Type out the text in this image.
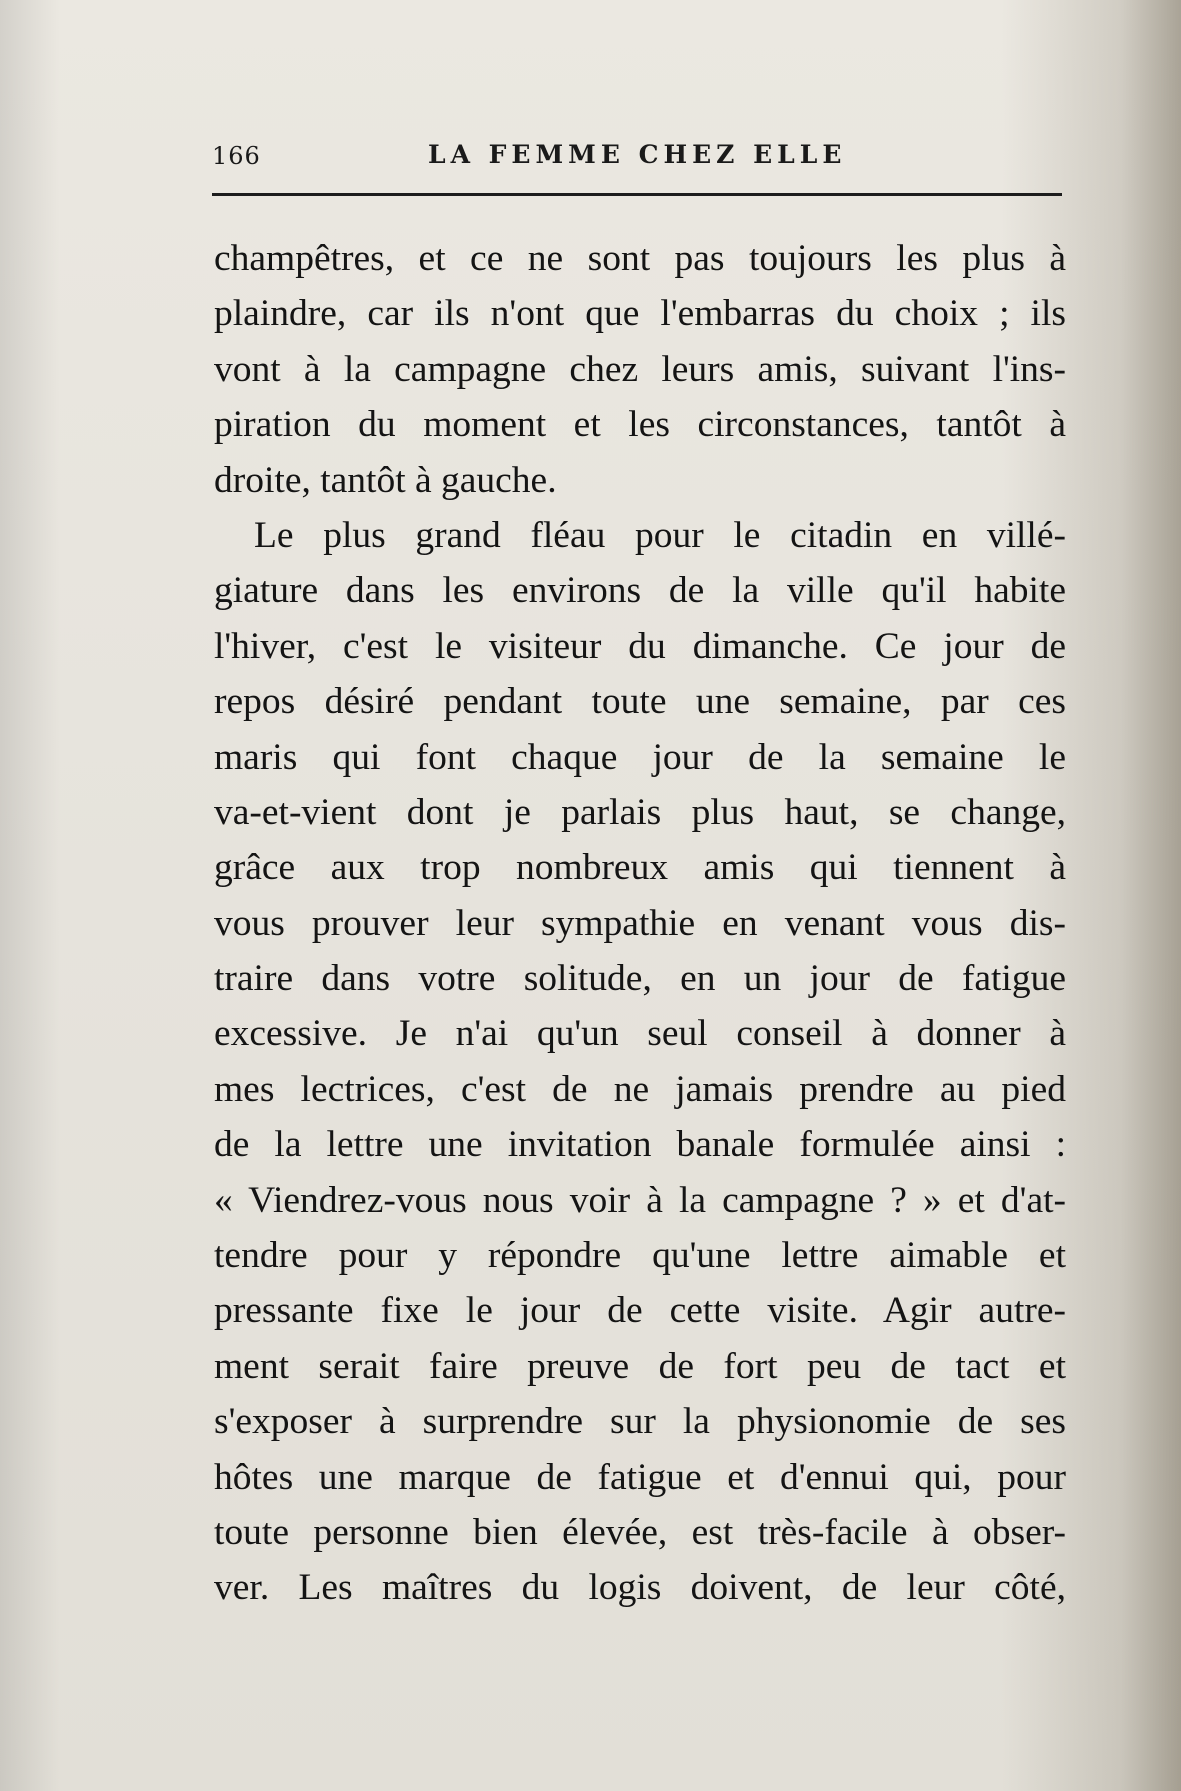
166	LA FEMME CHEZ ELLE
champêtres, et ce ne sont pas toujours les plus à
plaindre, car ils n'ont que l'embarras du choix ; ils
vont à la campagne chez leurs amis, suivant l'ins-
piration du moment et les circonstances, tantôt à
droite, tantôt à gauche.
Le plus grand fléau pour le citadin en villé-
giature dans les environs de la ville qu'il habite
l'hiver, c'est le visiteur du dimanche. Ce jour de
repos désiré pendant toute une semaine, par ces
maris qui font chaque jour de la semaine le
va-et-vient dont je parlais plus haut, se change,
grâce aux trop nombreux amis qui tiennent à
vous prouver leur sympathie en venant vous dis-
traire dans votre solitude, en un jour de fatigue
excessive. Je n'ai qu'un seul conseil à donner à
mes lectrices, c'est de ne jamais prendre au pied
de la lettre une invitation banale formulée ainsi :
« Viendrez-vous nous voir à la campagne ? » et d'at-
tendre pour y répondre qu'une lettre aimable et
pressante fixe le jour de cette visite. Agir autre-
ment serait faire preuve de fort peu de tact et
s'exposer à surprendre sur la physionomie de ses
hôtes une marque de fatigue et d'ennui qui, pour
toute personne bien élevée, est très-facile à obser-
ver. Les maîtres du logis doivent, de leur côté,
